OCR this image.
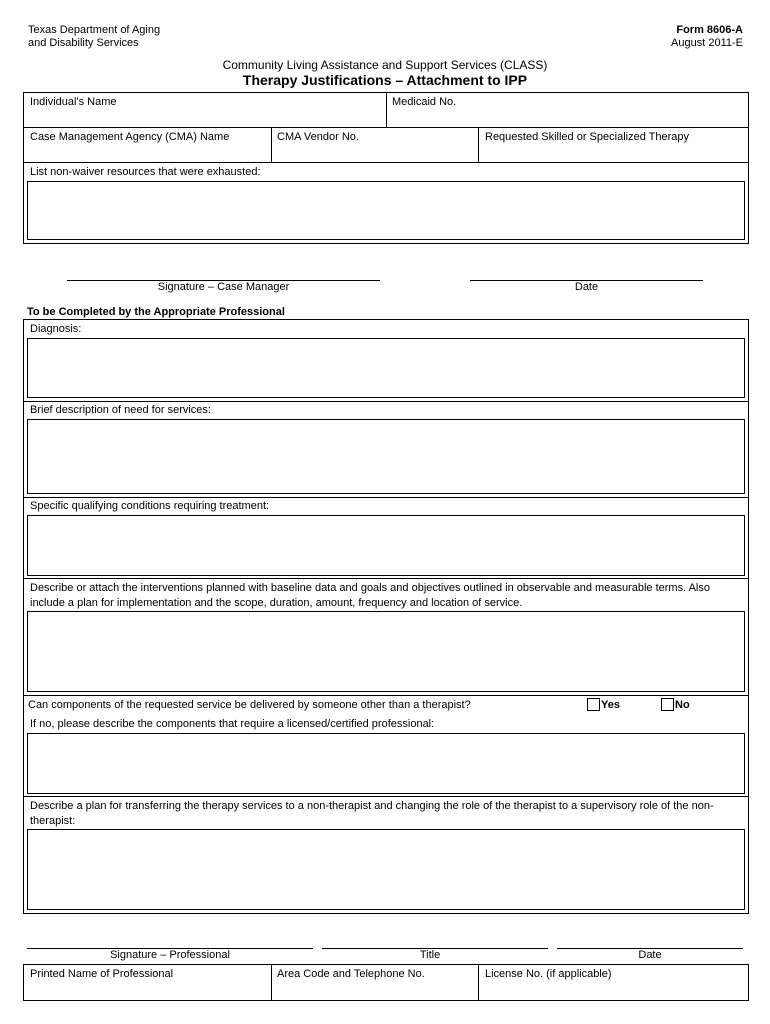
Texas Department of Aging
and Disability Services
Form 8606-A
August 2011-E
Community Living Assistance and Support Services (CLASS)
Therapy Justifications – Attachment to IPP
Individual's Name	Medicaid No.
Case Management Agency (CMA) Name	CMA Vendor No.	Requested Skilled or Specialized Therapy
List non-waiver resources that were exhausted:
Signature – Case Manager	Date
To be Completed by the Appropriate Professional
Diagnosis:
Brief description of need for services:
Specific qualifying conditions requiring treatment:
Describe or attach the interventions planned with baseline data and goals and objectives outlined in observable and measurable terms. Also include a plan for implementation and the scope, duration, amount, frequency and location of service.
Can components of the requested service be delivered by someone other than a therapist?	Yes	No
If no, please describe the components that require a licensed/certified professional:
Describe a plan for transferring the therapy services to a non-therapist and changing the role of the therapist to a supervisory role of the non-therapist:
Signature – Professional	Title	Date
Printed Name of Professional	Area Code and Telephone No.	License No. (if applicable)
